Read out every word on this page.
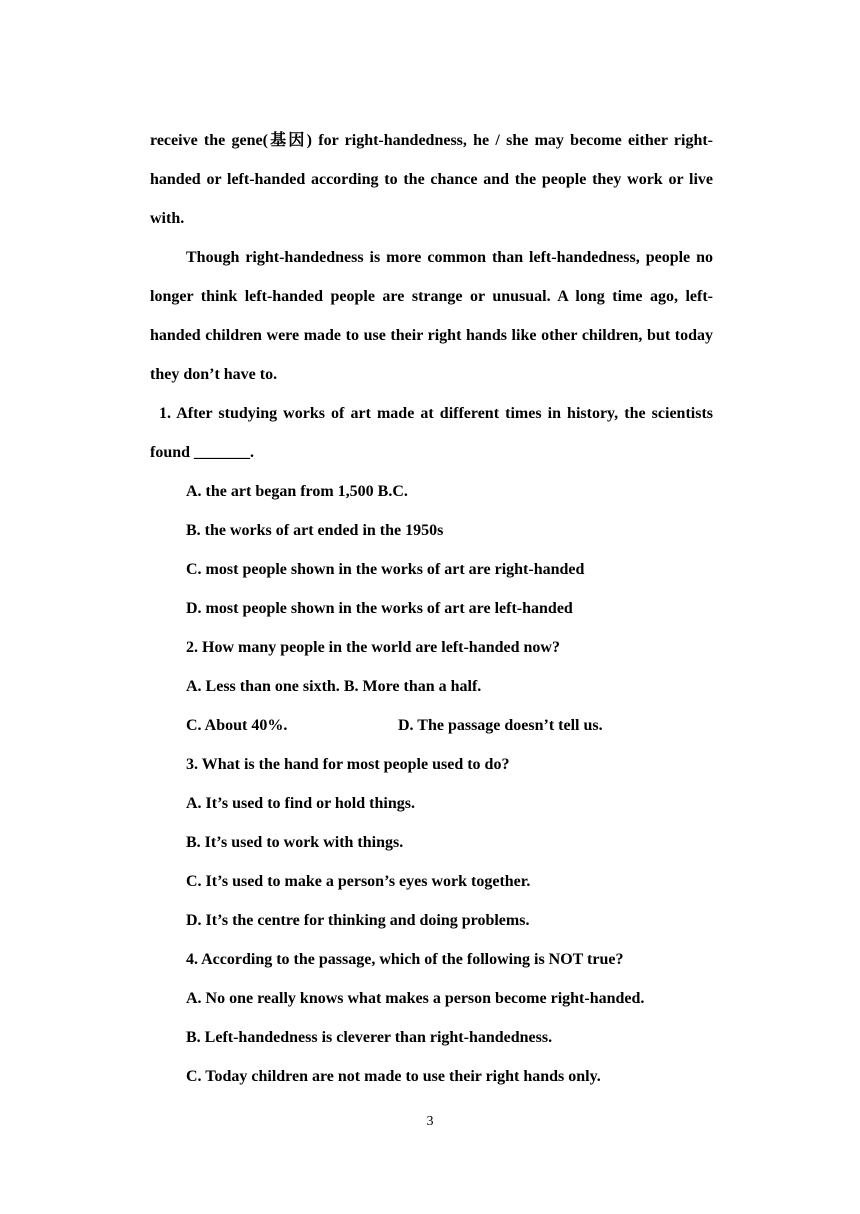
receive the gene(基因) for right-handedness, he / she may become either right-handed or left-handed according to the chance and the people they work or live with.

Though right-handedness is more common than left-handedness, people no longer think left-handed people are strange or unusual. A long time ago, left-handed children were made to use their right hands like other children, but today they don’t have to.

1. After studying works of art made at different times in history, the scientists found _______.

A. the art began from 1,500 B.C.

B. the works of art ended in the 1950s

C. most people shown in the works of art are right-handed

D. most people shown in the works of art are left-handed

2. How many people in the world are left-handed now?

A. Less than one sixth. B. More than a half.

C. About 40%.	D. The passage doesn’t tell us.

3. What is the hand for most people used to do?

A. It’s used to find or hold things.

B. It’s used to work with things.

C. It’s used to make a person’s eyes work together.

D. It’s the centre for thinking and doing problems.

4. According to the passage, which of the following is NOT true?

A. No one really knows what makes a person become right-handed.

B. Left-handedness is cleverer than right-handedness.

C. Today children are not made to use their right hands only.

3
